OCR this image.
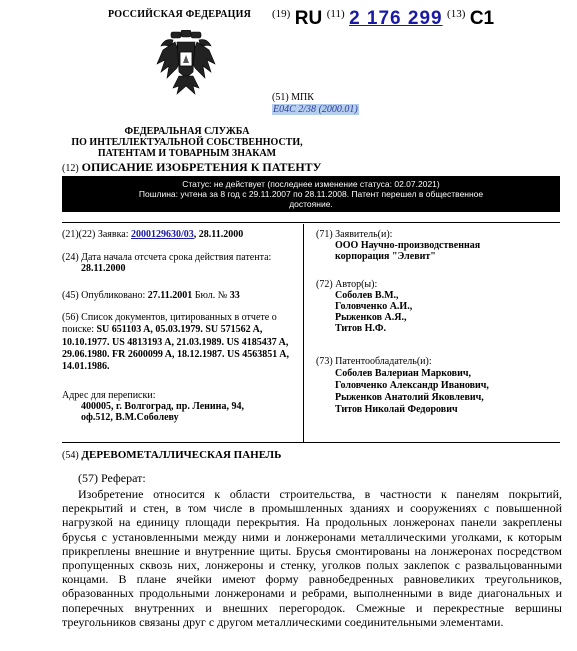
РОССИЙСКАЯ ФЕДЕРАЦИЯ
ФЕДЕРАЛЬНАЯ СЛУЖБА
ПО ИНТЕЛЛЕКТУАЛЬНОЙ СОБСТВЕННОСТИ,
ПАТЕНТАМ И ТОВАРНЫМ ЗНАКАМ
$^{(19)}$ RU $^{(11)}$ 2 176 299 $^{(13)}$ C1
(51) МПК
E04C 2/38 (2000.01)
(12) ОПИСАНИЕ ИЗОБРЕТЕНИЯ К ПАТЕНТУ
Статус: не действует (последнее изменение статуса: 02.07.2021)
Пошлина: учтена за 8 год с 29.11.2007 по 28.11.2008. Патент перешел в общественное
достояние.
(21)(22) Заявка: 2000129630/03, 28.11.2000
(24) Дата начала отсчета срока действия патента:
28.11.2000
(45) Опубликовано: 27.11.2001 Бюл. № 33
(56) Список документов, цитированных в отчете о поиске: SU 651103 A, 05.03.1979. SU 571562 A, 10.10.1977. US 4813193 A, 21.03.1989. US 4185437 A, 29.06.1980. FR 2600099 A, 18.12.1987. US 4563851 A, 14.01.1986.
Адрес для переписки:
400005, г. Волгоград, пр. Ленина, 94,
оф.512, В.М.Соболеву
(71) Заявитель(и):
ООО Научно-производственная
корпорация "Элевит"
(72) Автор(ы):
Соболев В.М.,
Головченко А.И.,
Рыженков А.Я.,
Титов Н.Ф.
(73) Патентообладатель(и):
Соболев Валериан Маркович,
Головченко Александр Иванович,
Рыженков Анатолий Яковлевич,
Титов Николай Федорович
(54) ДЕРЕВОМЕТАЛЛИЧЕСКАЯ ПАНЕЛЬ
(57) Реферат:
Изобретение относится к области строительства, в частности к панелям покрытий, перекрытий и стен, в том числе в промышленных зданиях и сооружениях с повышенной нагрузкой на единицу площади перекрытия. На продольных лонжеронах панели закреплены брусья с установленными между ними и лонжеронами металлическими уголками, к которым прикреплены внешние и внутренние щиты. Брусья смонтированы на лонжеронах посредством пропущенных сквозь них, лонжероны и стенку, уголков полых заклепок с развальцованными концами. В плане ячейки имеют форму равнобедренных равновеликих треугольников, образованных продольными лонжеронами и ребрами, выполненными в виде диагональных и поперечных внутренних и внешних перегородок. Смежные и перекрестные вершины треугольников связаны друг с другом металлическими соединительными элементами.
